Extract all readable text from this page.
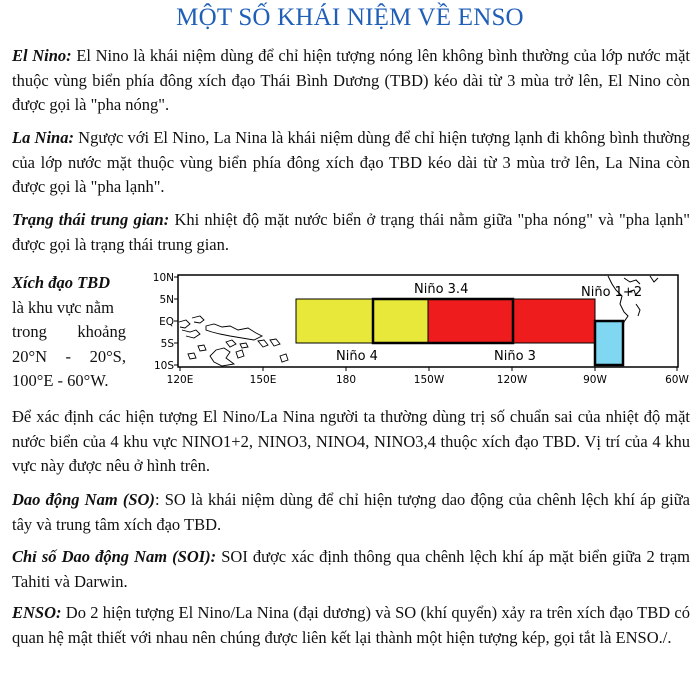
MỘT SỐ KHÁI NIỆM VỀ ENSO
El Nino: El Nino là khái niệm dùng để chỉ hiện tượng nóng lên không bình thường của lớp nước mặt thuộc vùng biển phía đông xích đạo Thái Bình Dương (TBD) kéo dài từ 3 mùa trở lên, El Nino còn được gọi là "pha nóng".
La Nina: Ngược với El Nino, La Nina là khái niệm dùng để chỉ hiện tượng lạnh đi không bình thường của lớp nước mặt thuộc vùng biển phía đông xích đạo TBD kéo dài từ 3 mùa trở lên, La Nina còn được gọi là "pha lạnh".
Trạng thái trung gian: Khi nhiệt độ mặt nước biển ở trạng thái nằm giữa "pha nóng" và "pha lạnh" được gọi là trạng thái trung gian.
Xích đạo TBD
là khu vực nằm
trong khoảng
20°N - 20°S,
100°E - 60°W.
10N
5N
EQ
5S
10S
120E	150E	180	150W	120W	90W	60W
Niño 3.4	Niño 1+2
Niño 4	Niño 3
Để xác định các hiện tượng El Nino/La Nina người ta thường dùng trị số chuẩn sai của nhiệt độ mặt nước biển của 4 khu vực NINO1+2, NINO3, NINO4, NINO3,4 thuộc xích đạo TBD. Vị trí của 4 khu vực này được nêu ở hình trên.
Dao động Nam (SO): SO là khái niệm dùng để chỉ hiện tượng dao động của chênh lệch khí áp giữa tây và trung tâm xích đạo TBD.
Chỉ số Dao động Nam (SOI): SOI được xác định thông qua chênh lệch khí áp mặt biển giữa 2 trạm Tahiti và Darwin.
ENSO: Do 2 hiện tượng El Nino/La Nina (đại dương) và SO (khí quyển) xảy ra trên xích đạo TBD có quan hệ mật thiết với nhau nên chúng được liên kết lại thành một hiện tượng kép, gọi tắt là ENSO./.
